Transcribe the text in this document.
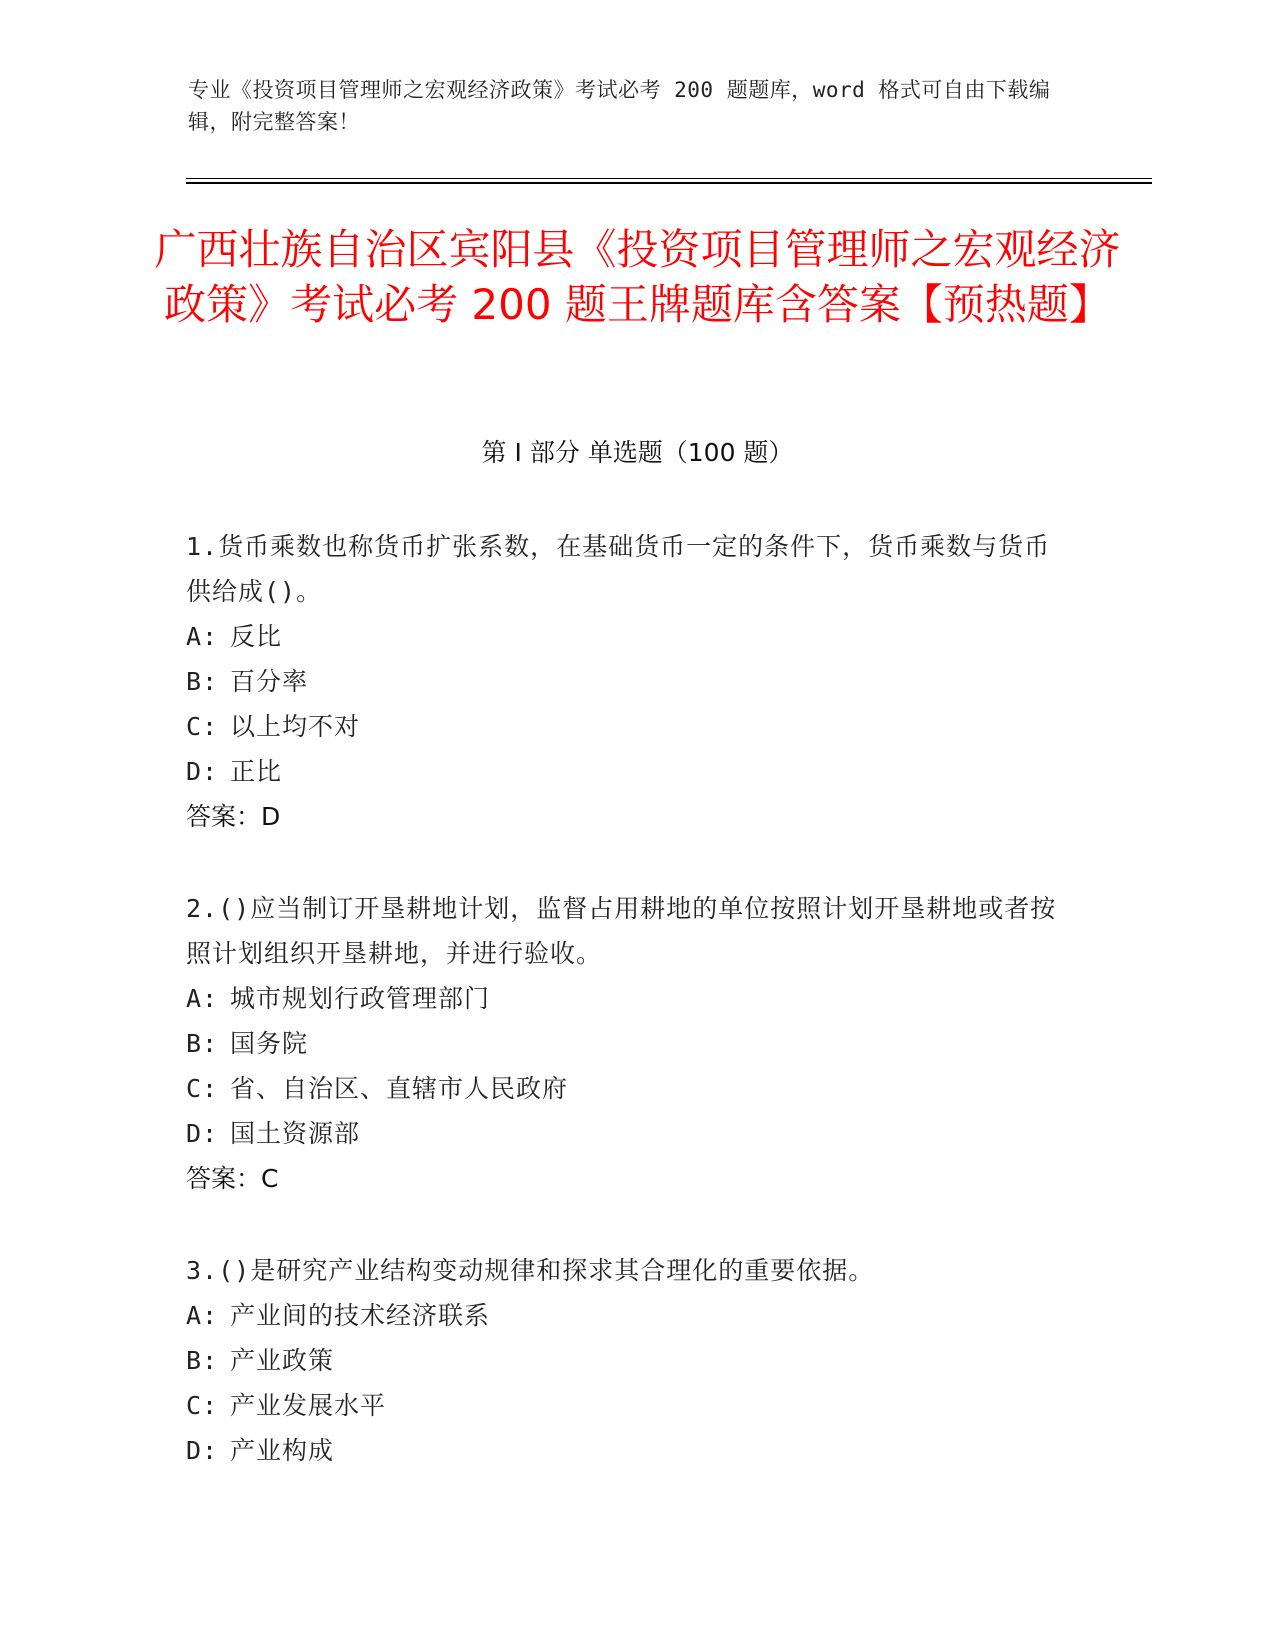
专业《投资项目管理师之宏观经济政策》考试必考 200 题题库，word 格式可自由下载编辑，附完整答案！
广西壮族自治区宾阳县《投资项目管理师之宏观经济政策》考试必考 200 题王牌题库含答案【预热题】
第 I 部分 单选题（100 题）
1.货币乘数也称货币扩张系数，在基础货币一定的条件下，货币乘数与货币供给成()。
A: 反比
B: 百分率
C: 以上均不对
D: 正比
答案：D
2.()应当制订开垦耕地计划，监督占用耕地的单位按照计划开垦耕地或者按照计划组织开垦耕地，并进行验收。
A: 城市规划行政管理部门
B: 国务院
C: 省、自治区、直辖市人民政府
D: 国土资源部
答案：C
3.()是研究产业结构变动规律和探求其合理化的重要依据。
A: 产业间的技术经济联系
B: 产业政策
C: 产业发展水平
D: 产业构成
